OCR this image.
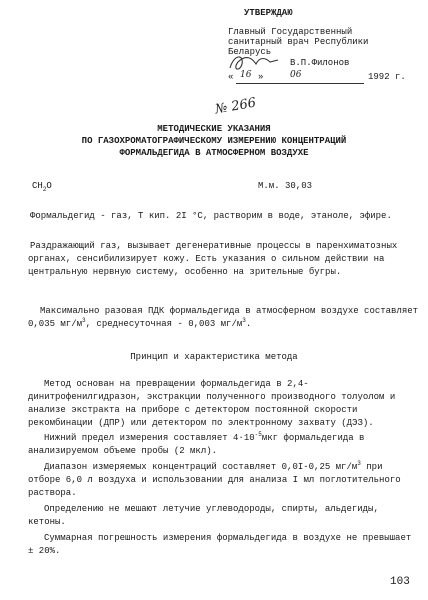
УТВЕРЖДАЮ
Главный Государственный
санитарный врач Республики
Беларусь
В.П.Филонов
« 16 »	06	1992 г.
№ 266
МЕТОДИЧЕСКИЕ УКАЗАНИЯ
ПО ГАЗОХРОМАТОГРАФИЧЕСКОМУ ИЗМЕРЕНИЮ КОНЦЕНТРАЦИЙ
ФОРМАЛЬДЕГИДА В АТМОСФЕРНОМ ВОЗДУХЕ
$CH_2O$	М.м. 30,03
Формальдегид - газ, Т кип. 2I °С, растворим в воде, этаноле, эфире.
Раздражающий газ, вызывает дегенеративные процессы в паренхиматозных органах, сенсибилизирует кожу. Есть указания о сильном действии на центральную нервную систему, особенно на зрительные бугры.
Максимально разовая ПДК формальдегида в атмосферном воздухе составляет 0,035 $мг/м^3$, среднесуточная - 0,003 $мг/м^3$.
Принцип и характеристика метода
Метод основан на превращении формальдегида в 2,4-динитрофенилгидразон, экстракции полученного производного толуолом и анализе экстракта на приборе с детектором постоянной скорости рекомбинации (ДПР) или детектором по электронному захвату (ДЭЗ).
Нижний предел измерения составляет $4\cdot 10^{-5}мкг$ формальдегида в анализируемом объеме пробы (2 мкл).
Диапазон измеряемых концентраций составляет 0,0I-0,25 $мг/м^3$ при отборе 6,0 л воздуха и использовании для анализа I мл поглотительного раствора.
Определению не мешают летучие углеводороды, спирты, альдегиды, кетоны.
Суммарная погрешность измерения формальдегида в воздухе не превышает ± 20%.
103
